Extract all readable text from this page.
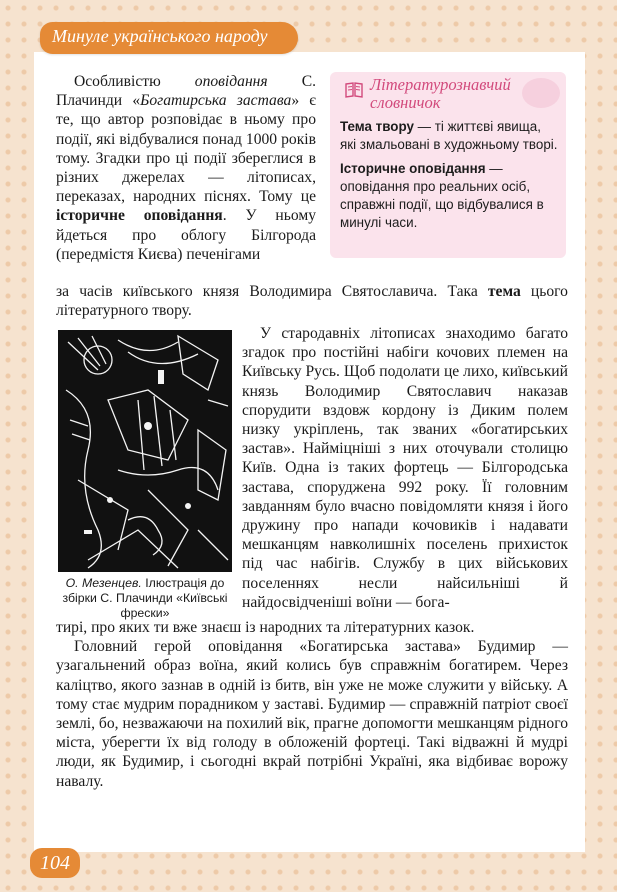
Минуле українського народу
Особливістю оповідання С. Плачинди «Богатирська застава» є те, що автор розповідає в ньому про події, які відбувалися понад 1000 років тому. Згадки про ці події збереглися в різних джерелах — літописах, переказах, народних піснях. Тому це історичне оповідання. У ньому йдеться про облогу Білгорода (передмістя Києва) печенігами
Літературознавчий словничок

Тема твору — ті життєві явища, які змальовані в художньому творі.

Історичне оповідання — оповідання про реальних осіб, справжні події, що відбувалися в минулі часи.

за часів київського князя Володимира Святославича. Така тема цього літературного твору.
О. Мезенцев. Ілюстрація до збірки С. Плачинди «Київські фрески»
У стародавніх літописах знаходимо багато згадок про постійні набіги кочових племен на Київську Русь. Щоб подолати це лихо, київський князь Володимир Святославич наказав спорудити вздовж кордону із Диким полем низку укріплень, так званих «богатирських застав». Найміцніші з них оточували столицю Київ. Одна із таких фортець — Білгородська застава, споруджена 992 року. Її головним завданням було вчасно повідомляти князя і його дружину про напади кочовиків і надавати мешканцям навколишніх поселень прихисток під час набігів. Службу в цих військових поселеннях несли найсильніші й найдосвідченіші воїни — бога-

тирі, про яких ти вже знаєш із народних та літературних казок.

Головний герой оповідання «Богатирська застава» Будимир — узагальнений образ воїна, який колись був справжнім богатирем. Через каліцтво, якого зазнав в одній із битв, він уже не може служити у війську. А тому стає мудрим порадником у заставі. Будимир — справжній патріот своєї землі, бо, незважаючи на похилий вік, прагне допомогти мешканцям рідного міста, уберегти їх від голоду в обложеній фортеці. Такі відважні й мудрі люди, як Будимир, і сьогодні вкрай потрібні Україні, яка відбиває ворожу навалу.

104
